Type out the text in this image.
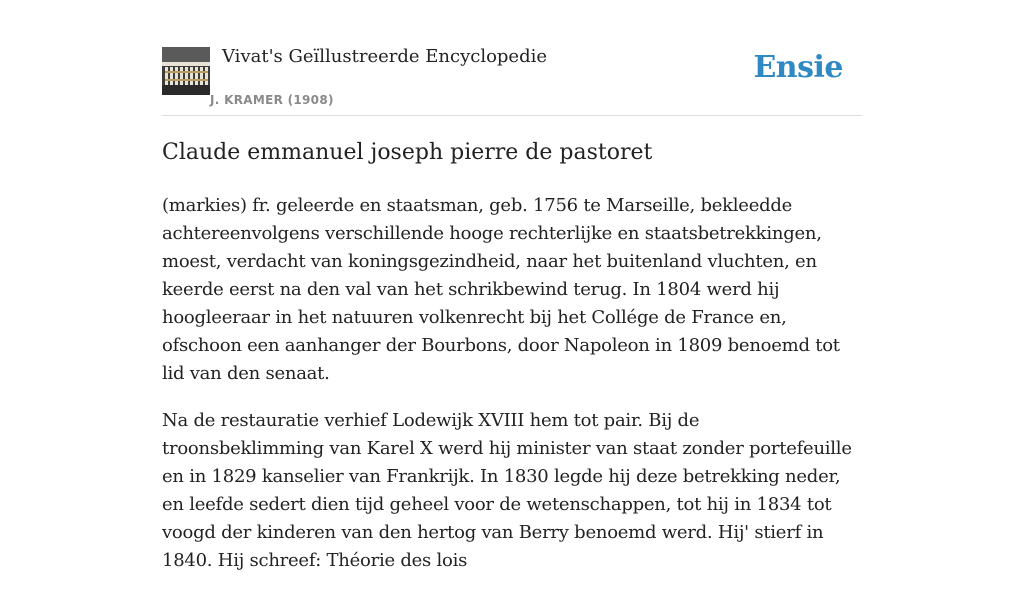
Vivat's Geïllustreerde Encyclopedie
J. KRAMER (1908)
Ensie
Claude emmanuel joseph pierre de pastoret

(markies) fr. geleerde en staatsman, geb. 1756 te Marseille, bekleedde achtereenvolgens verschillende hooge rechterlijke en staatsbetrekkingen, moest, verdacht van koningsgezindheid, naar het buitenland vluchten, en keerde eerst na den val van het schrikbewind terug. In 1804 werd hij hoogleeraar in het natuuren volkenrecht bij het Collége de France en, ofschoon een aanhanger der Bourbons, door Napoleon in 1809 benoemd tot lid van den senaat.

Na de restauratie verhief Lodewijk XVIII hem tot pair. Bij de troonsbeklimming van Karel X werd hij minister van staat zonder portefeuille en in 1829 kanselier van Frankrijk. In 1830 legde hij deze betrekking neder, en leefde sedert dien tijd geheel voor de wetenschappen, tot hij in 1834 tot voogd der kinderen van den hertog van Berry benoemd werd. Hij' stierf in 1840. Hij schreef: Théorie des lois
